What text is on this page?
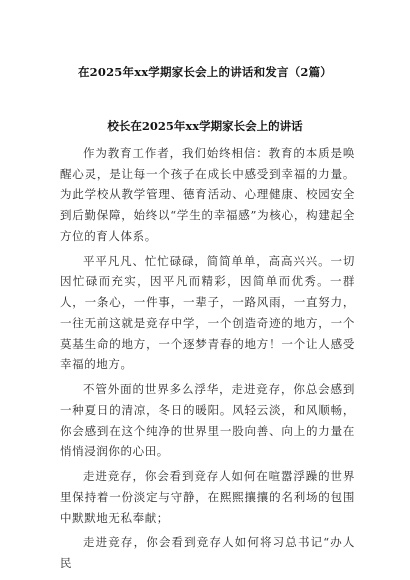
在2025年xx学期家长会上的讲话和发言（2篇）
校长在2025年xx学期家长会上的讲话

作为教育工作者，我们始终相信：教育的本质是唤醒心灵，是让每一个孩子在成长中感受到幸福的力量。为此学校从教学管理、德育活动、心理健康、校园安全到后勤保障，始终以“学生的幸福感”为核心，构建起全方位的育人体系。

平平凡凡、忙忙碌碌，简简单单，高高兴兴。一切因忙碌而充实，因平凡而精彩，因简单而优秀。一群人，一条心，一件事，一辈子，一路风雨，一直努力，一往无前这就是竞存中学，一个创造奇迹的地方，一个莫基生命的地方，一个逐梦青春的地方！一个让人感受幸福的地方。

不管外面的世界多么浮华，走进竞存，你总会感到一种夏日的清凉，冬日的暖阳。风轻云淡，和风顺畅，你会感到在这个纯净的世界里一股向善、向上的力量在悄悄浸润你的心田。

走进竞存，你会看到竞存人如何在喧嚣浮躁的世界里保持着一份淡定与守静，在熙熙攘攘的名利场的包围中默默地无私奉献；

走进竞存，你会看到竞存人如何将习总书记“办人民
